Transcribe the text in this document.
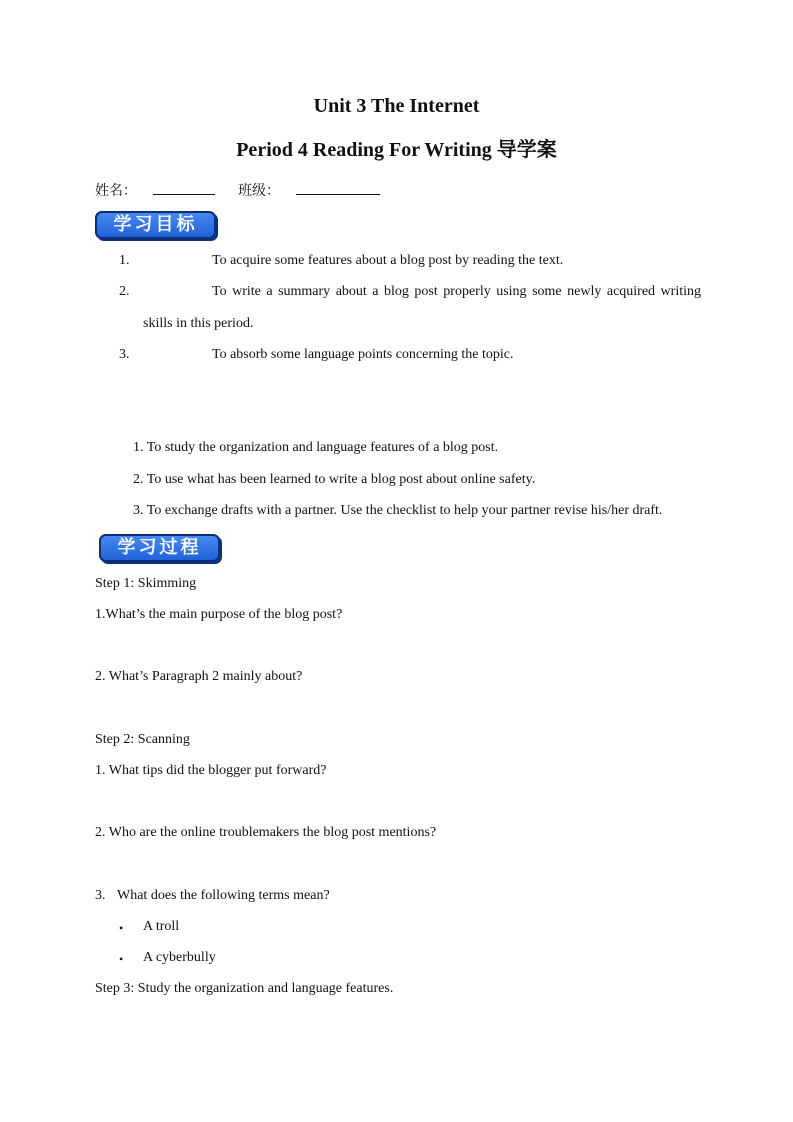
Unit 3 The Internet
Period 4 Reading For Writing 导学案
姓名：	班级：
学习目标
1.	To acquire some features about a blog post by reading the text.
2.	To write a summary about a blog post properly using some newly acquired writing
skills in this period.
3.	To absorb some language points concerning the topic.
1. To study the organization and language features of a blog post.
2. To use what has been learned to write a blog post about online safety.
3. To exchange drafts with a partner. Use the checklist to help your partner revise his/her draft.
学习过程
Step 1: Skimming
1.What’s the main purpose of the blog post?
2. What’s Paragraph 2 mainly about?
Step 2: Scanning
1. What tips did the blogger put forward?
2. Who are the online troublemakers the blog post mentions?
3. What does the following terms mean?
• A troll
• A cyberbully
Step 3: Study the organization and language features.
